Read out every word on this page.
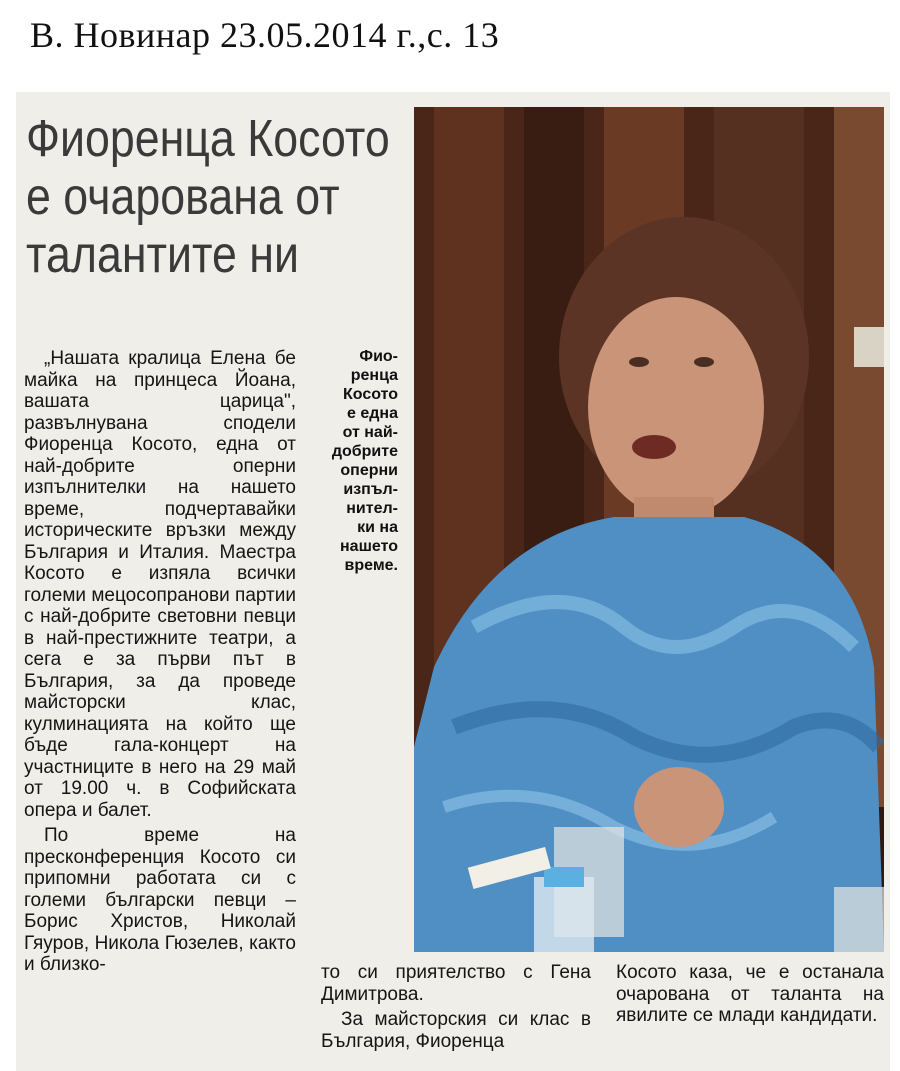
В. Новинар 23.05.2014 г.,с. 13
Фиоренца Косото
е очарована от
талантите ни

„Нашата кралица Елена бе майка на принцеса Йоана, вашата царица", развълнувана сподели Фиоренца Косото, една от най-добрите оперни изпълнителки на нашето време, подчертавайки историческите връзки между България и Италия. Маестра Косото е изпяла всички големи мецосопранови партии с най-добрите световни певци в най-престижните театри, а сега е за първи път в България, за да проведе майсторски клас, кулминацията на който ще бъде гала-концерт на участниците в него на 29 май от 19.00 ч. в Софийската опера и балет.

По време на пресконференция Косото си припомни работата си с големи български певци – Борис Христов, Николай Гяуров, Никола Гюзелев, както и близко-

Фио-
ренца
Косото
е една
от най-
добрите
оперни
изпъл-
нител-
ки на
нашето
време.

то си приятелство с Гена Димитрова.

За майсторския си клас в България, Фиоренца

Косото каза, че е останала очарована от таланта на явилите се млади кандидати.
